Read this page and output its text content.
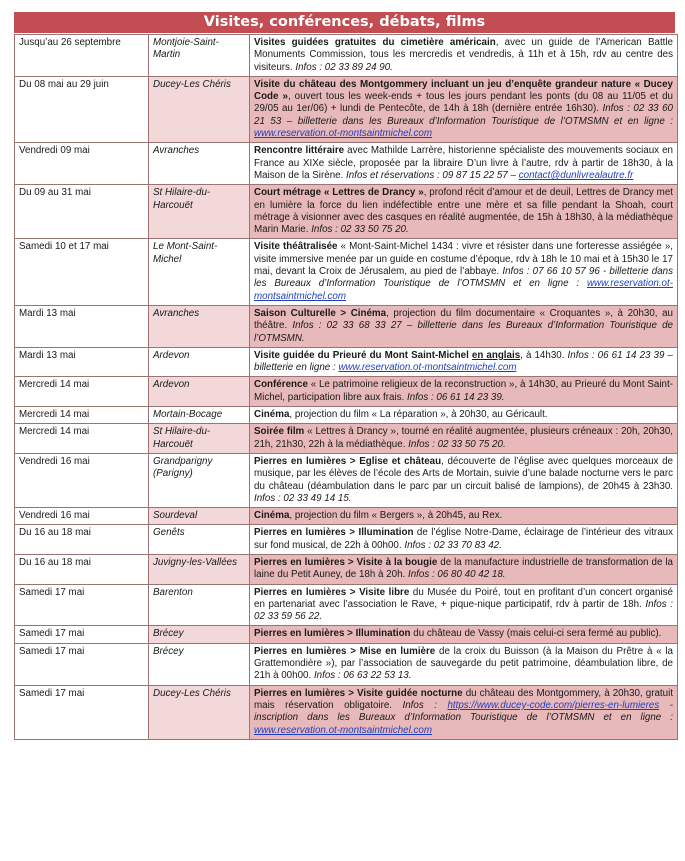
Visites, conférences, débats, films
Jusqu’au 26 septembre	Montjoie-Saint-Martin	Visites guidées gratuites du cimetière américain, avec un guide de l’American Battle Monuments Commission, tous les mercredis et vendredis, à 11h et à 15h, rdv au centre des visiteurs. Infos : 02 33 89 24 90.
Du 08 mai au 29 juin	Ducey-Les Chéris	Visite du château des Montgommery incluant un jeu d’enquête grandeur nature « Ducey Code », ouvert tous les week-ends + tous les jours pendant les ponts (du 08 au 11/05 et du 29/05 au 1er/06) + lundi de Pentecôte, de 14h à 18h (dernière entrée 16h30). Infos : 02 33 60 21 53 – billetterie dans les Bureaux d’Information Touristique de l’OTMSMN et en ligne : www.reservation.ot-montsaintmichel.com
Vendredi 09 mai	Avranches	Rencontre littéraire avec Mathilde Larrère, historienne spécialiste des mouvements sociaux en France au XIXe siècle, proposée par la libraire D’un livre à l’autre, rdv à partir de 18h30, à la Maison de la Sirène. Infos et réservations : 09 87 15 22 57 – contact@dunlivrealautre.fr
Du 09 au 31 mai	St Hilaire-du-Harcouët	Court métrage « Lettres de Drancy », profond récit d’amour et de deuil, Lettres de Drancy met en lumière la force du lien indéfectible entre une mère et sa fille pendant la Shoah, court métrage à visionner avec des casques en réalité augmentée, de 15h à 18h30, à la médiathèque Marin Marie. Infos : 02 33 50 75 20.
Samedi 10 et 17 mai	Le Mont-Saint-Michel	Visite théâtralisée « Mont-Saint-Michel 1434 : vivre et résister dans une forteresse assiégée », visite immersive menée par un guide en costume d’époque, rdv à 18h le 10 mai et à 15h30 le 17 mai, devant la Croix de Jérusalem, au pied de l’abbaye. Infos : 07 66 10 57 96 - billetterie dans les Bureaux d’Information Touristique de l’OTMSMN et en ligne : www.reservation.ot-montsaintmichel.com
Mardi 13 mai	Avranches	Saison Culturelle > Cinéma, projection du film documentaire « Croquantes », à 20h30, au théâtre. Infos : 02 33 68 33 27 – billetterie dans les Bureaux d’Information Touristique de l’OTMSMN.
Mardi 13 mai	Ardevon	Visite guidée du Prieuré du Mont Saint-Michel en anglais, à 14h30. Infos : 06 61 14 23 39 – billetterie en ligne : www.reservation.ot-montsaintmichel.com
Mercredi 14 mai	Ardevon	Conférence « Le patrimoine religieux de la reconstruction », à 14h30, au Prieuré du Mont Saint-Michel, participation libre aux frais. Infos : 06 61 14 23 39.
Mercredi 14 mai	Mortain-Bocage	Cinéma, projection du film « La réparation », à 20h30, au Géricault.
Mercredi 14 mai	St Hilaire-du-Harcouët	Soirée film « Lettres à Drancy », tourné en réalité augmentée, plusieurs créneaux : 20h, 20h30, 21h, 21h30, 22h à la médiathèque. Infos : 02 33 50 75 20.
Vendredi 16 mai	Grandparigny (Parigny)	Pierres en lumières > Eglise et château, découverte de l’église avec quelques morceaux de musique, par les élèves de l’école des Arts de Mortain, suivie d’une balade nocturne vers le parc du château (déambulation dans le parc par un circuit balisé de lampions), de 20h45 à 23h30. Infos : 02 33 49 14 15.
Vendredi 16 mai	Sourdeval	Cinéma, projection du film « Bergers », à 20h45, au Rex.
Du 16 au 18 mai	Genêts	Pierres en lumières > Illumination de l’église Notre-Dame, éclairage de l’intérieur des vitraux sur fond musical, de 22h à 00h00. Infos : 02 33 70 83 42.
Du 16 au 18 mai	Juvigny-les-Vallées	Pierres en lumières > Visite à la bougie de la manufacture industrielle de transformation de la laine du Petit Auney, de 18h à 20h. Infos : 06 80 40 42 18.
Samedi 17 mai	Barenton	Pierres en lumières > Visite libre du Musée du Poiré, tout en profitant d’un concert organisé en partenariat avec l’association le Rave, + pique-nique participatif, rdv à partir de 18h. Infos : 02 33 59 56 22.
Samedi 17 mai	Brécey	Pierres en lumières > Illumination du château de Vassy (mais celui-ci sera fermé au public).
Samedi 17 mai	Brécey	Pierres en lumières > Mise en lumière de la croix du Buisson (à la Maison du Prêtre à « la Grattemondière »), par l’association de sauvegarde du petit patrimoine, déambulation libre, de 21h à 00h00. Infos : 06 63 22 53 13.
Samedi 17 mai	Ducey-Les Chéris	Pierres en lumières > Visite guidée nocturne du château des Montgommery, à 20h30, gratuit mais réservation obligatoire. Infos : https://www.ducey-code.com/pierres-en-lumieres - inscription dans les Bureaux d’Information Touristique de l’OTMSMN et en ligne : www.reservation.ot-montsaintmichel.com
